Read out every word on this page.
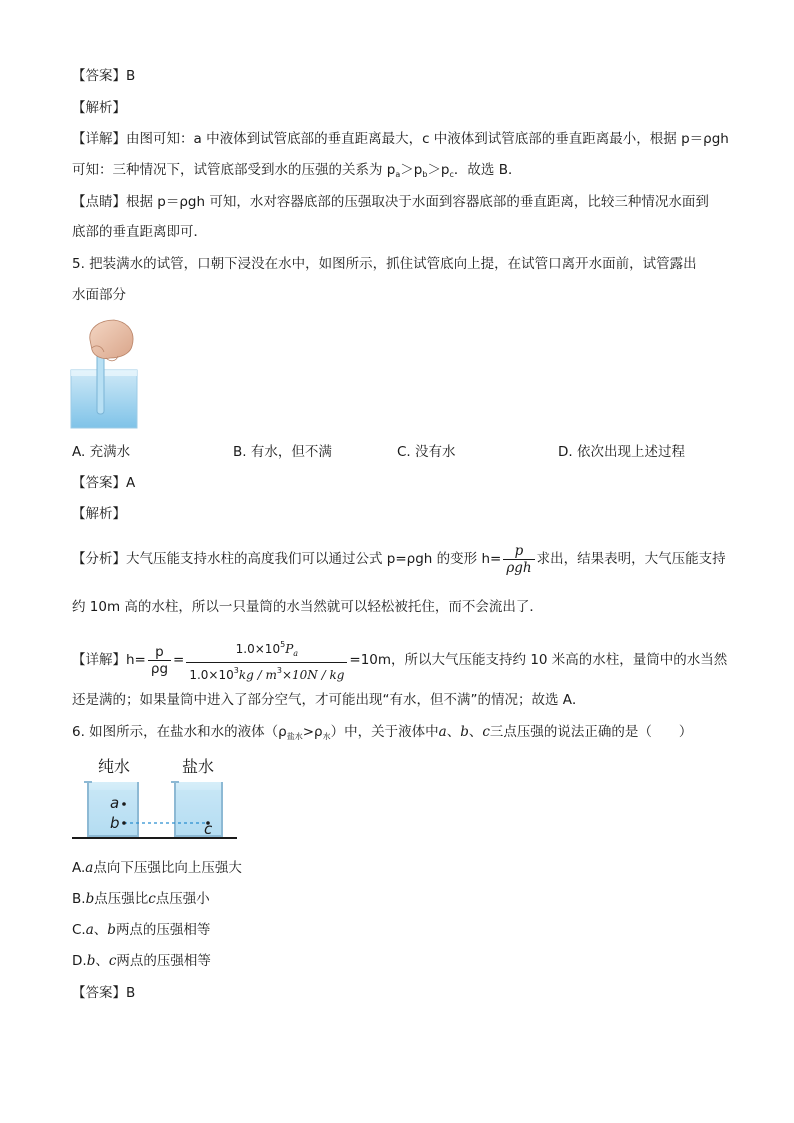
【答案】B
【解析】
【详解】由图可知：a 中液体到试管底部的垂直距离最大，c 中液体到试管底部的垂直距离最小，根据 p＝ρgh
可知：三种情况下，试管底部受到水的压强的关系为 $p_a>p_b>p_c$．故选 B．
【点睛】根据 p＝ρgh 可知，水对容器底部的压强取决于水面到容器底部的垂直距离，比较三种情况水面到
底部的垂直距离即可．
5. 把装满水的试管，口朝下浸没在水中，如图所示，抓住试管底向上提，在试管口离开水面前，试管露出
水面部分
A. 充满水	B. 有水，但不满	C. 没有水	D. 依次出现上述过程
【答案】A
【解析】
【分析】大气压能支持水柱的高度我们可以通过公式 p=ρgh 的变形 $h= \frac{p}{\text{ρgh}}$ 求出，结果表明，大气压能支持
约 10m 高的水柱，所以一只量筒的水当然就可以轻松被托住，而不会流出了．
【详解】$h= \frac{p}{\rho g} = \frac{1.0\times 10^5P_a}{1.0\times 10^3kg / m^3\times 10N / kg} =10m$，所以大气压能支持约 10 米高的水柱，量筒中的水当然
还是满的；如果量筒中进入了部分空气，才可能出现“有水，但不满”的情况；故选 A．
6. 如图所示，在盐水和水的液体$(\rho_{盐水}>\rho_水)$中，关于液体中a、b、c三点压强的说法正确的是（　　）
纯水	盐水
a
b	c
A.a点向下压强比向上压强大
B.b点压强比c点压强小
C.a、b两点的压强相等
D.b、c两点的压强相等
【答案】B
